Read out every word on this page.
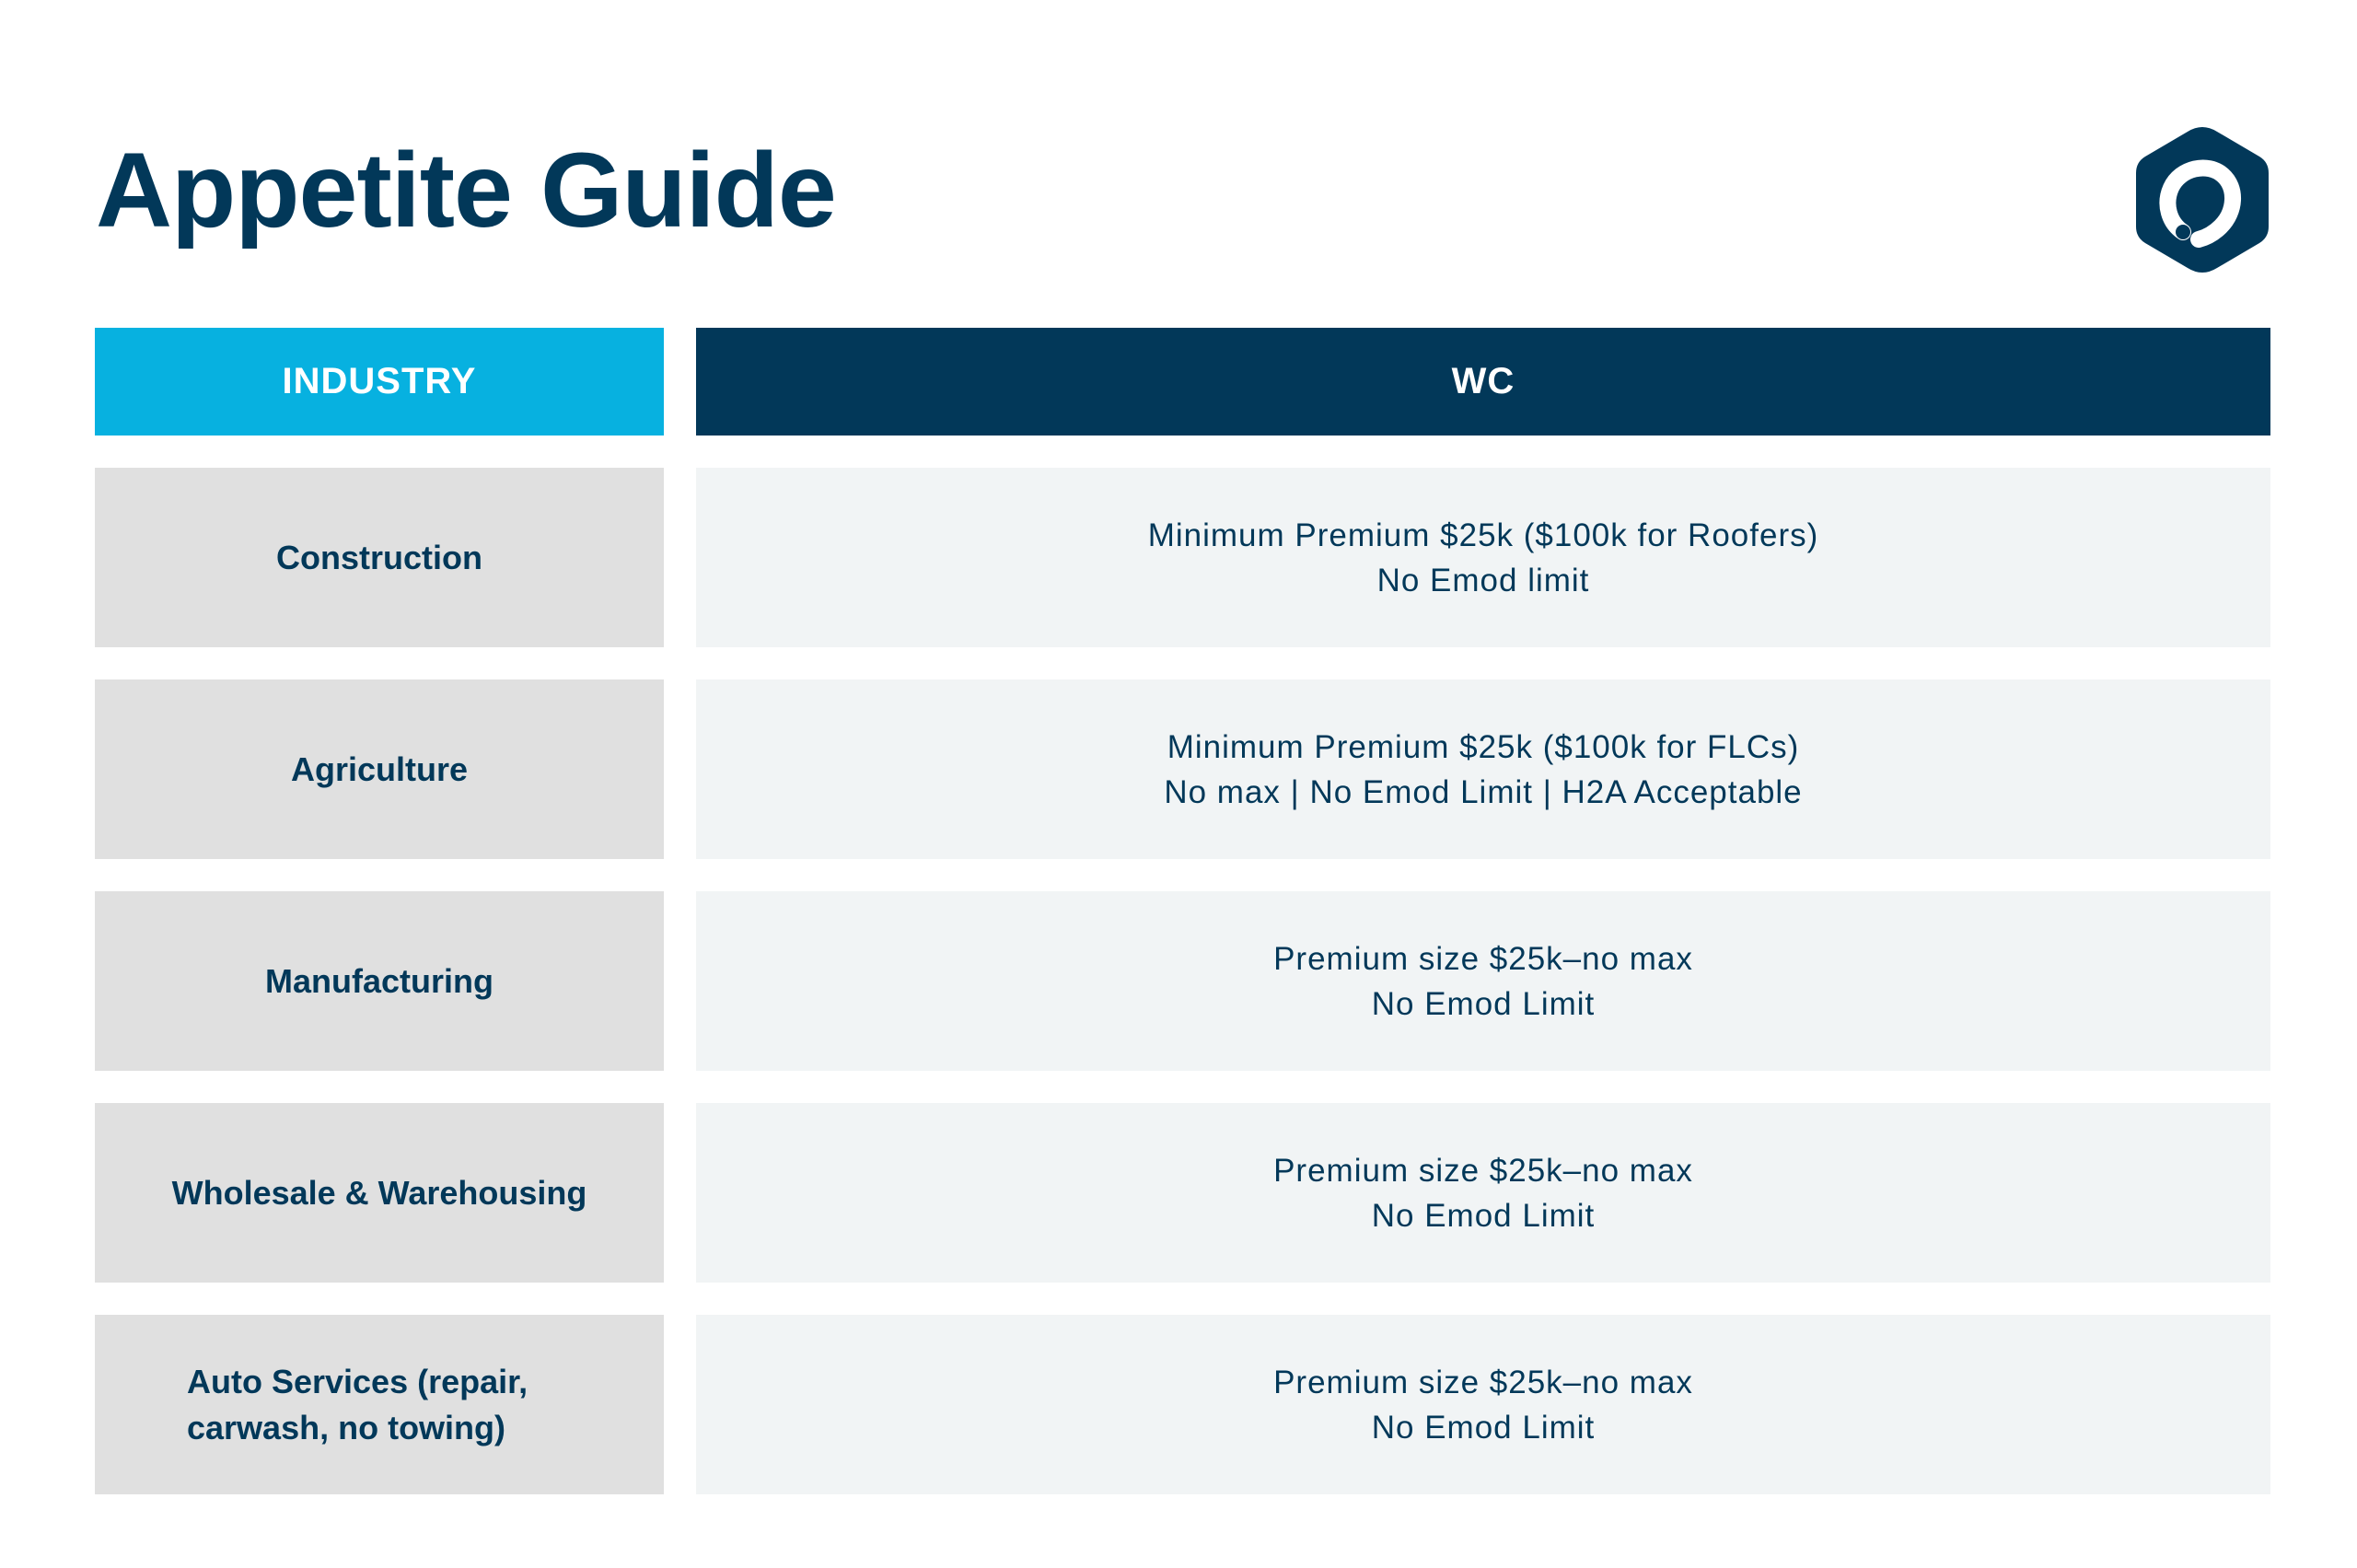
Appetite Guide
INDUSTRY	WC
Construction
Minimum Premium $25k ($100k for Roofers)
No Emod limit
Agriculture
Minimum Premium $25k ($100k for FLCs)
No max | No Emod Limit | H2A Acceptable
Manufacturing
Premium size $25k–no max
No Emod Limit
Wholesale & Warehousing
Premium size $25k–no max
No Emod Limit
Auto Services (repair,
carwash, no towing)
Premium size $25k–no max
No Emod Limit
